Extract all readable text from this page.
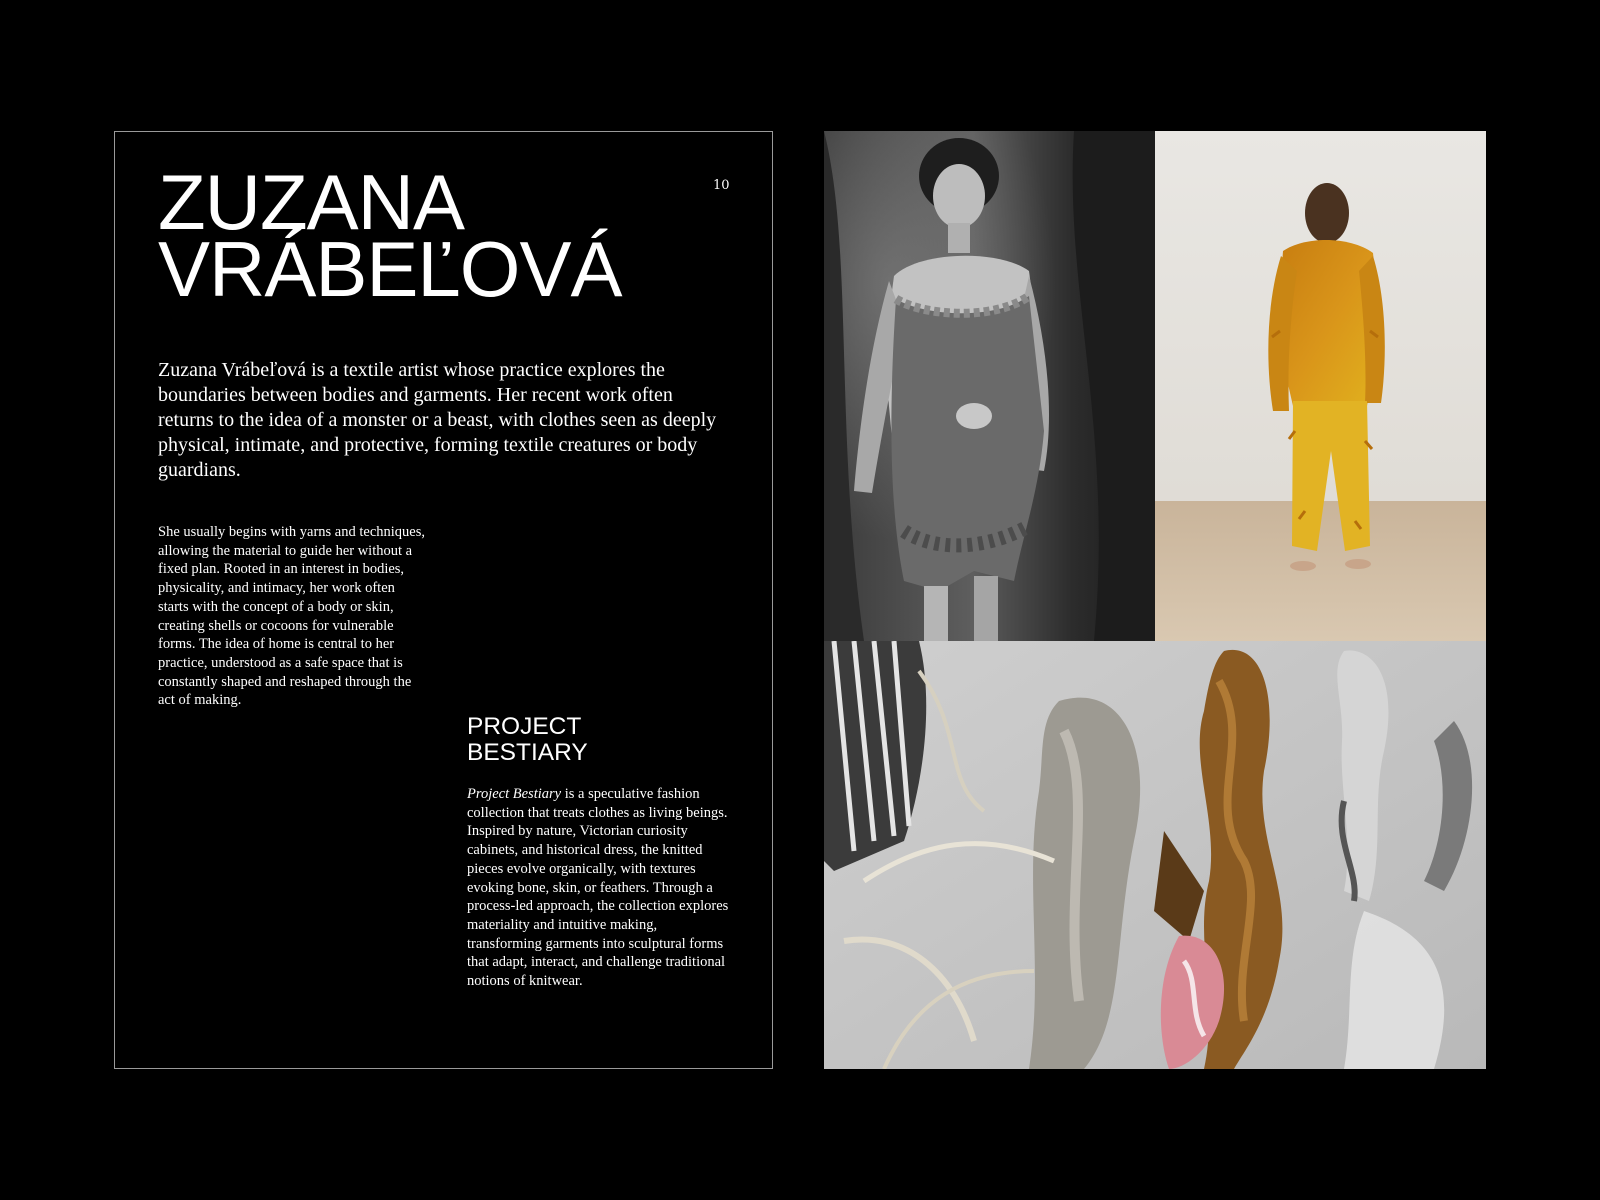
10
ZUZANA
VRÁBEĽOVÁ

Zuzana Vrábeľová is a textile artist whose practice explores the boundaries between bodies and garments. Her recent work often returns to the idea of a monster or a beast, with clothes seen as deeply physical, intimate, and protective, forming textile creatures or body guardians.

She usually begins with yarns and techniques, allowing the material to guide her without a fixed plan. Rooted in an interest in bodies, physicality, and intimacy, her work often starts with the concept of a body or skin, creating shells or cocoons for vulnerable forms. The idea of home is central to her practice, understood as a safe space that is constantly shaped and reshaped through the act of making.

PROJECT
BESTIARY

Project Bestiary is a speculative fashion collection that treats clothes as living beings. Inspired by nature, Victorian curiosity cabinets, and historical dress, the knitted pieces evolve organically, with textures evoking bone, skin, or feathers. Through a process-led approach, the collection explores materiality and intuitive making, transforming garments into sculptural forms that adapt, interact, and challenge traditional notions of knitwear.
